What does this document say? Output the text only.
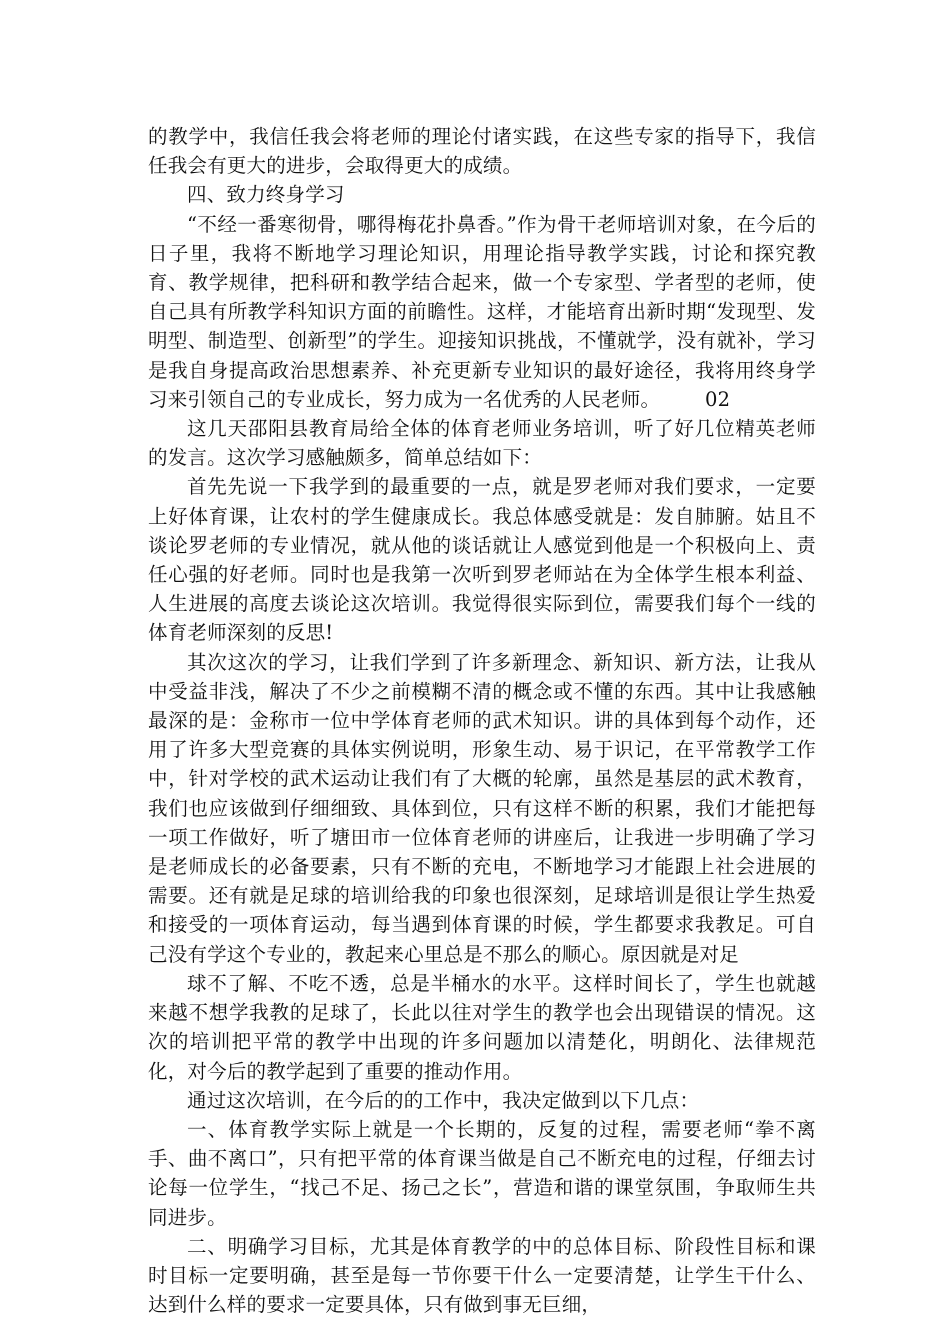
的教学中，我信任我会将老师的理论付诸实践，在这些专家的指导下，我信任我会有更大的进步，会取得更大的成绩。

四、致力终身学习

“不经一番寒彻骨，哪得梅花扑鼻香。”作为骨干老师培训对象，在今后的日子里，我将不断地学习理论知识，用理论指导教学实践，讨论和探究教育、教学规律，把科研和教学结合起来，做一个专家型、学者型的老师，使自己具有所教学科知识方面的前瞻性。这样，才能培育出新时期“发现型、发明型、制造型、创新型”的学生。迎接知识挑战，不懂就学，没有就补，学习是我自身提高政治思想素养、补充更新专业知识的最好途径，我将用终身学习来引领自己的专业成长，努力成为一名优秀的人民老师。       02

这几天邵阳县教育局给全体的体育老师业务培训，听了好几位精英老师的发言。这次学习感触颇多，简单总结如下：

首先先说一下我学到的最重要的一点，就是罗老师对我们要求，一定要上好体育课，让农村的学生健康成长。我总体感受就是：发自肺腑。姑且不谈论罗老师的专业情况，就从他的谈话就让人感觉到他是一个积极向上、责任心强的好老师。同时也是我第一次听到罗老师站在为全体学生根本利益、人生进展的高度去谈论这次培训。我觉得很实际到位，需要我们每个一线的体育老师深刻的反思!

其次这次的学习，让我们学到了许多新理念、新知识、新方法，让我从中受益非浅，解决了不少之前模糊不清的概念或不懂的东西。其中让我感触最深的是：金称市一位中学体育老师的武术知识。讲的具体到每个动作，还用了许多大型竞赛的具体实例说明，形象生动、易于识记，在平常教学工作中，针对学校的武术运动让我们有了大概的轮廓，虽然是基层的武术教育，我们也应该做到仔细细致、具体到位，只有这样不断的积累，我们才能把每一项工作做好，听了塘田市一位体育老师的讲座后，让我进一步明确了学习是老师成长的必备要素，只有不断的充电，不断地学习才能跟上社会进展的需要。还有就是足球的培训给我的印象也很深刻，足球培训是很让学生热爱和接受的一项体育运动，每当遇到体育课的时候，学生都要求我教足。可自己没有学这个专业的，教起来心里总是不那么的顺心。原因就是对足

球不了解、不吃不透，总是半桶水的水平。这样时间长了，学生也就越来越不想学我教的足球了，长此以往对学生的教学也会出现错误的情况。这次的培训把平常的教学中出现的许多问题加以清楚化，明朗化、法律规范化，对今后的教学起到了重要的推动作用。

通过这次培训，在今后的的工作中，我决定做到以下几点：

一、体育教学实际上就是一个长期的，反复的过程，需要老师“拳不离手、曲不离口”，只有把平常的体育课当做是自己不断充电的过程，仔细去讨论每一位学生，“找己不足、扬己之长”，营造和谐的课堂氛围，争取师生共同进步。

二、明确学习目标，尤其是体育教学的中的总体目标、阶段性目标和课时目标一定要明确，甚至是每一节你要干什么一定要清楚，让学生干什么、达到什么样的要求一定要具体，只有做到事无巨细，
